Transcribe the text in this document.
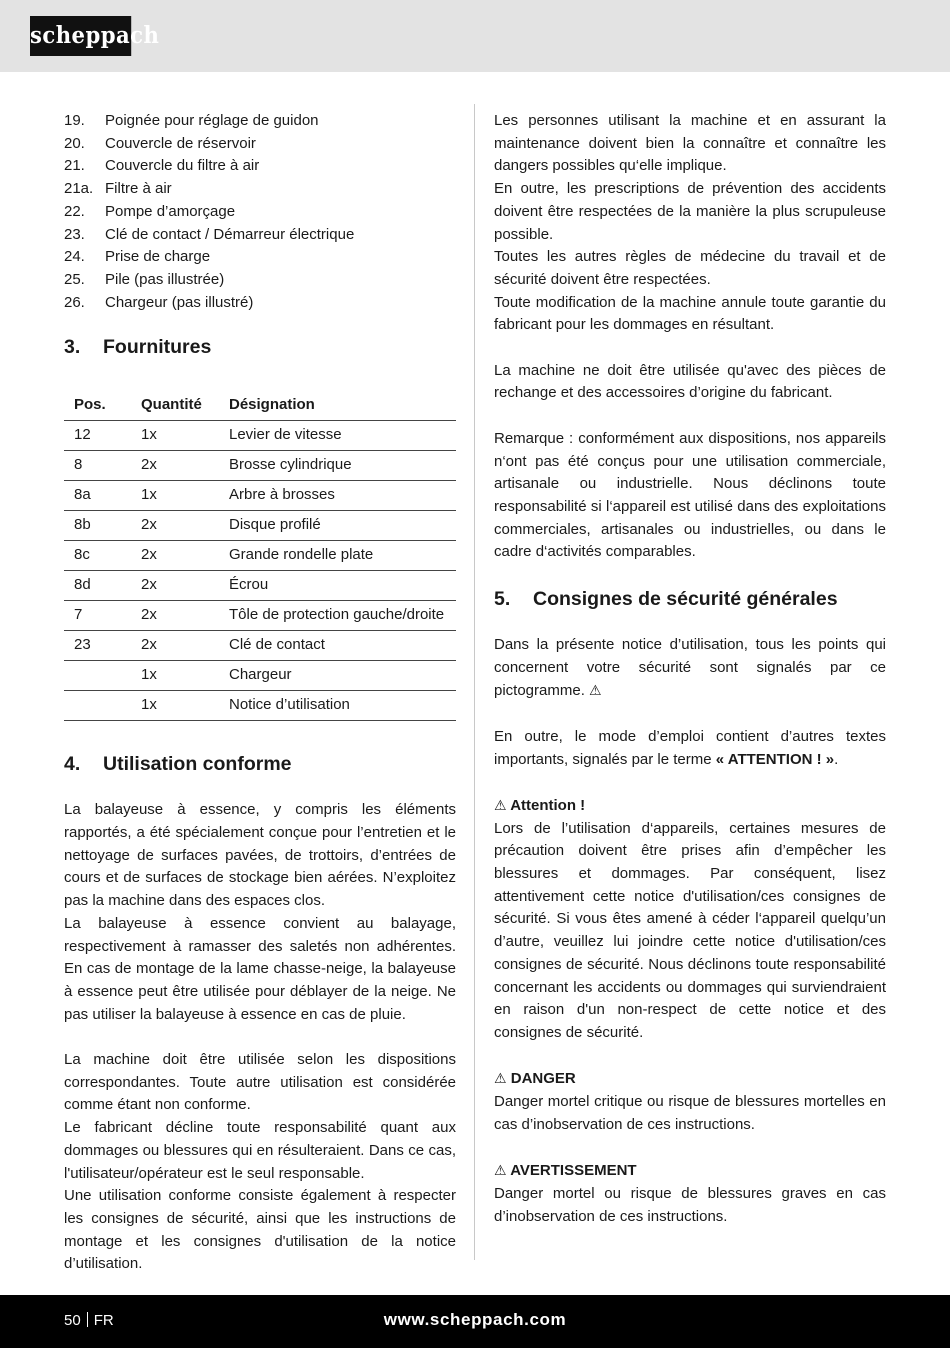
scheppach
19.	Poignée pour réglage de guidon
20.	Couvercle de réservoir
21.	Couvercle du filtre à air
21a. Filtre à air
22.	Pompe d’amorçage
23.	Clé de contact / Démarreur électrique
24.	Prise de charge
25.	Pile (pas illustrée)
26.	Chargeur (pas illustré)
3. Fournitures
Pos.	Quantité	Désignation
12	1x	Levier de vitesse
8	2x	Brosse cylindrique
8a	1x	Arbre à brosses
8b	2x	Disque profilé
8c	2x	Grande rondelle plate
8d	2x	Écrou
7	2x	Tôle de protection gauche/droite
23	2x	Clé de contact
	1x	Chargeur
	1x	Notice d’utilisation
4. Utilisation conforme

La balayeuse à essence, y compris les éléments rapportés, a été spécialement conçue pour l’entretien et le nettoyage de surfaces pavées, de trottoirs, d’entrées de cours et de surfaces de stockage bien aérées. N’exploitez pas la machine dans des espaces clos.

La balayeuse à essence convient au balayage, respectivement à ramasser des saletés non adhérentes. En cas de montage de la lame chasse-neige, la balayeuse à essence peut être utilisée pour déblayer de la neige. Ne pas utiliser la balayeuse à essence en cas de pluie.

La machine doit être utilisée selon les dispositions correspondantes. Toute autre utilisation est considérée comme étant non conforme.

Le fabricant décline toute responsabilité quant aux dommages ou blessures qui en résulteraient. Dans ce cas, l'utilisateur/opérateur est le seul responsable.

Une utilisation conforme consiste également à respecter les consignes de sécurité, ainsi que les instructions de montage et les consignes d'utilisation de la notice d’utilisation.

Les personnes utilisant la machine et en assurant la maintenance doivent bien la connaître et connaître les dangers possibles qu‘elle implique.

En outre, les prescriptions de prévention des accidents doivent être respectées de la manière la plus scrupuleuse possible.

Toutes les autres règles de médecine du travail et de sécurité doivent être respectées.

Toute modification de la machine annule toute garantie du fabricant pour les dommages en résultant.

La machine ne doit être utilisée qu'avec des pièces de rechange et des accessoires d’origine du fabricant.

Remarque : conformément aux dispositions, nos appareils n‘ont pas été conçus pour une utilisation commerciale, artisanale ou industrielle. Nous déclinons toute responsabilité si l‘appareil est utilisé dans des exploitations commerciales, artisanales ou industrielles, ou dans le cadre d‘activités comparables.

5. Consignes de sécurité générales

Dans la présente notice d’utilisation, tous les points qui concernent votre sécurité sont signalés par ce pictogramme. ⚠

En outre, le mode d’emploi contient d’autres textes importants, signalés par le terme « ATTENTION ! ».

⚠ Attention !

Lors de l’utilisation d‘appareils, certaines mesures de précaution doivent être prises afin d’empêcher les blessures et dommages. Par conséquent, lisez attentivement cette notice d'utilisation/ces consignes de sécurité. Si vous êtes amené à céder l‘appareil quelqu’un d’autre, veuillez lui joindre cette notice d'utilisation/ces consignes de sécurité. Nous déclinons toute responsabilité concernant les accidents ou dommages qui surviendraient en raison d'un non-respect de cette notice et des consignes de sécurité.

⚠ DANGER

Danger mortel critique ou risque de blessures mortelles en cas d’inobservation de ces instructions.

⚠ AVERTISSEMENT

Danger mortel ou risque de blessures graves en cas d’inobservation de ces instructions.

50 FR	www.scheppach.com
